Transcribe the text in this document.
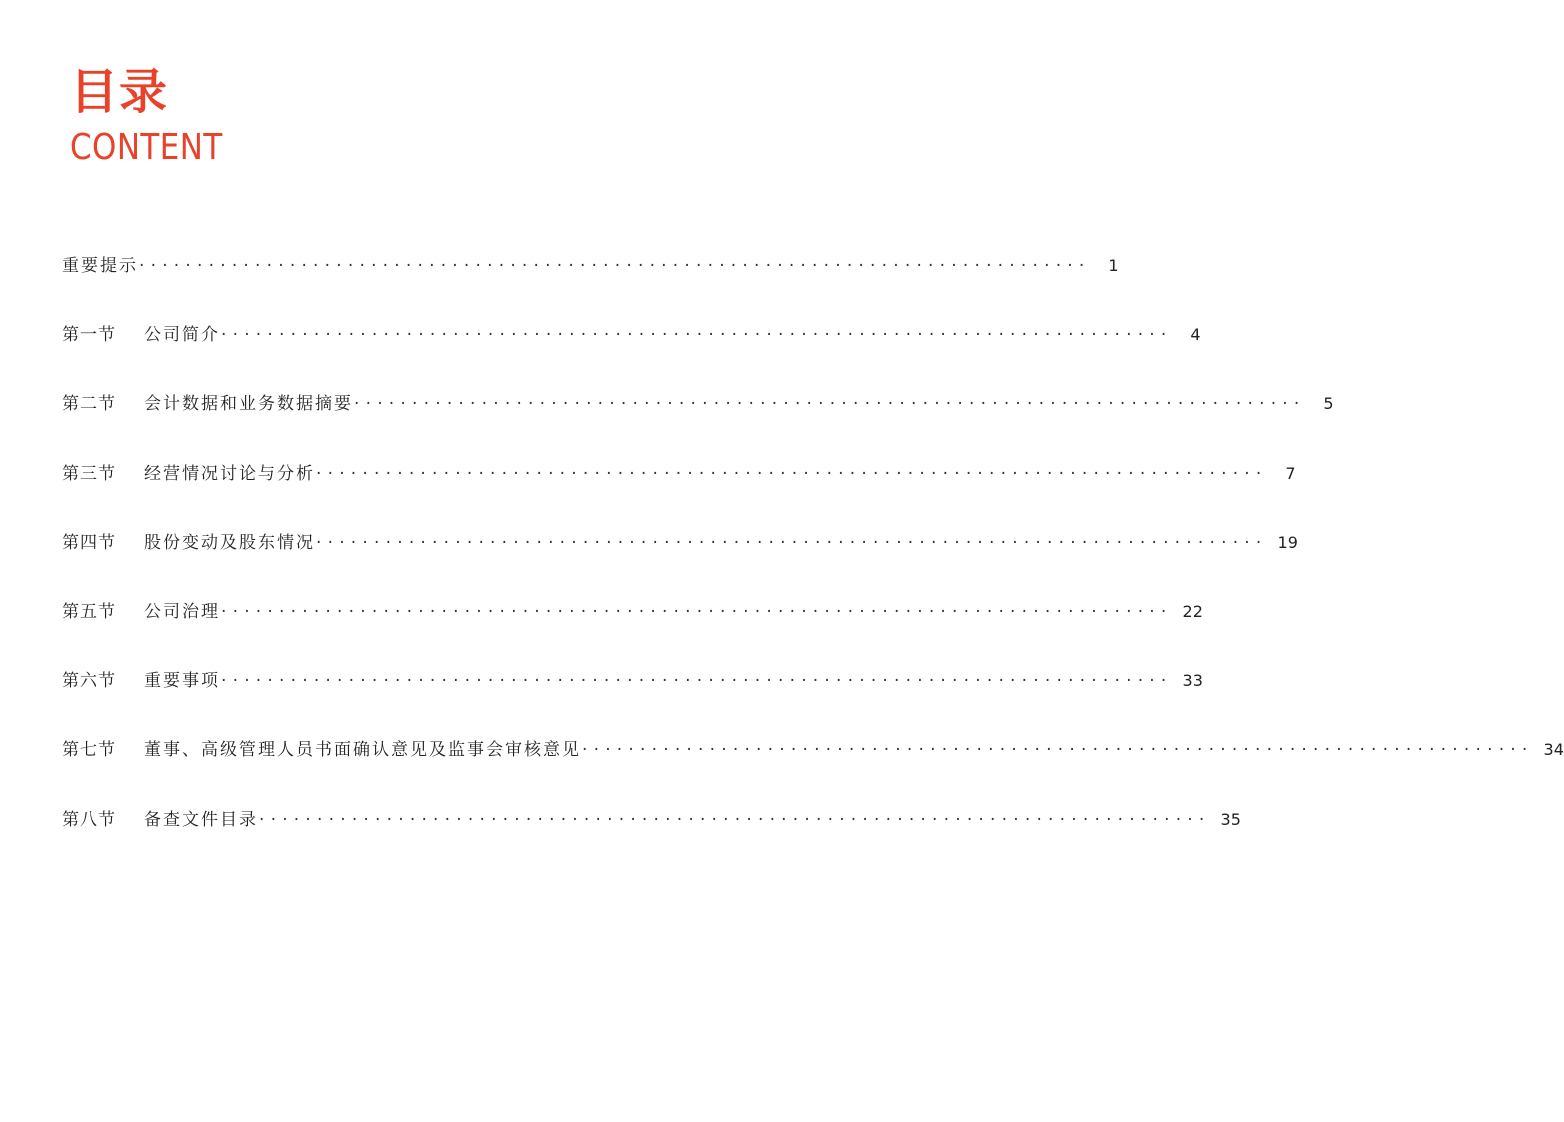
目录
CONTENT
重要提示 ··················································································	1
第一节	公司简介 ··················································································	4
第二节	会计数据和业务数据摘要 ··················································································	5
第三节	经营情况讨论与分析 ··················································································	7
第四节	股份变动及股东情况 ·················································································· 19
第五节	公司治理 ·················································································· 22
第六节	重要事项 ·················································································· 33
第七节	董事、高级管理人员书面确认意见及监事会审核意见 ·················································································· 34
第八节	备查文件目录 ·················································································· 35
